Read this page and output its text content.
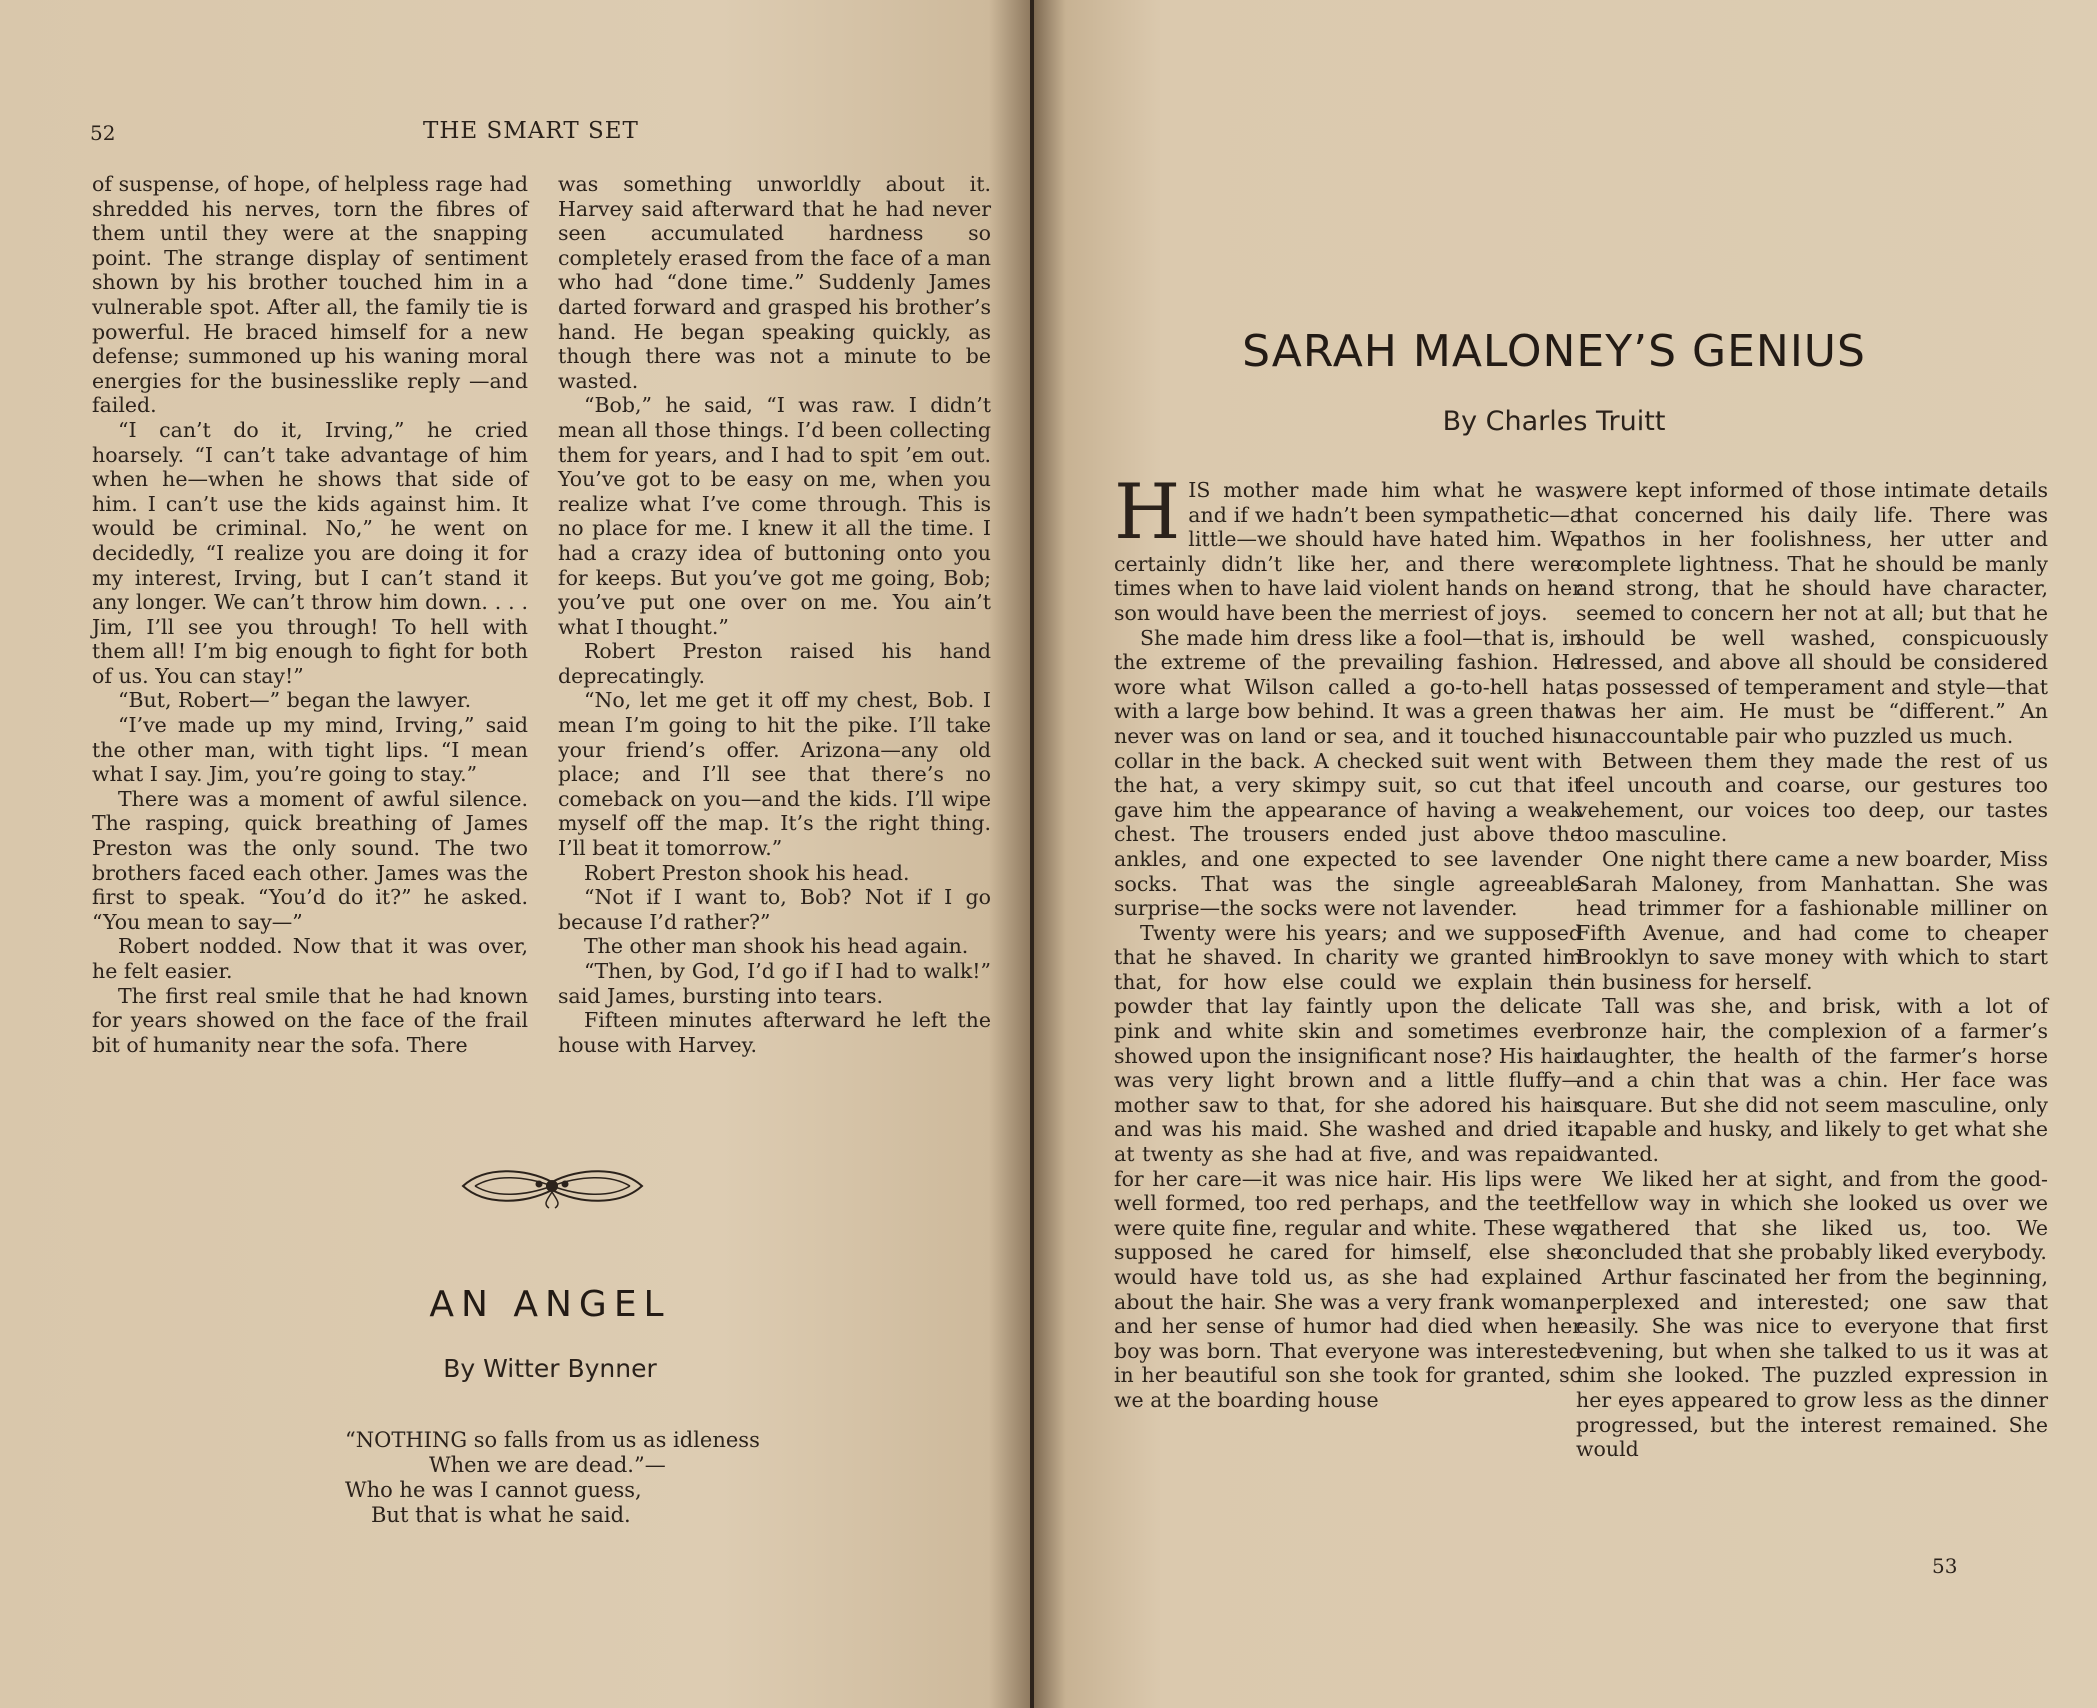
52	THE SMART SET

of suspense, of hope, of helpless rage had shredded his nerves, torn the fibres of them until they were at the snapping point. The strange display of sentiment shown by his brother touched him in a vulnerable spot. After all, the family tie is powerful. He braced himself for a new defense; summoned up his waning moral energies for the businesslike reply —and failed.

“I can’t do it, Irving,” he cried hoarsely. “I can’t take advantage of him when he—when he shows that side of him. I can’t use the kids against him. It would be criminal. No,” he went on decidedly, “I realize you are doing it for my interest, Irving, but I can’t stand it any longer. We can’t throw him down. . . . Jim, I’ll see you through! To hell with them all! I’m big enough to fight for both of us. You can stay!”

“But, Robert—” began the lawyer.

“I’ve made up my mind, Irving,” said the other man, with tight lips. “I mean what I say. Jim, you’re going to stay.”

There was a moment of awful silence. The rasping, quick breathing of James Preston was the only sound. The two brothers faced each other. James was the first to speak. “You’d do it?” he asked. “You mean to say—”

Robert nodded. Now that it was over, he felt easier.

The first real smile that he had known for years showed on the face of the frail bit of humanity near the sofa. There

was something unworldly about it. Harvey said afterward that he had never seen accumulated hardness so completely erased from the face of a man who had “done time.” Suddenly James darted forward and grasped his brother’s hand. He began speaking quickly, as though there was not a minute to be wasted.

“Bob,” he said, “I was raw. I didn’t mean all those things. I’d been collecting them for years, and I had to spit ’em out. You’ve got to be easy on me, when you realize what I’ve come through. This is no place for me. I knew it all the time. I had a crazy idea of buttoning onto you for keeps. But you’ve got me going, Bob; you’ve put one over on me. You ain’t what I thought.”

Robert Preston raised his hand deprecatingly.

“No, let me get it off my chest, Bob. I mean I’m going to hit the pike. I’ll take your friend’s offer. Arizona—any old place; and I’ll see that there’s no comeback on you—and the kids. I’ll wipe myself off the map. It’s the right thing. I’ll beat it tomorrow.”

Robert Preston shook his head.

“Not if I want to, Bob? Not if I go because I’d rather?”

The other man shook his head again.

“Then, by God, I’d go if I had to walk!” said James, bursting into tears.

Fifteen minutes afterward he left the house with Harvey.

AN ANGEL
By Witter Bynner
“NOTHING so falls from us as idleness
When we are dead.”—
Who he was I cannot guess,
But that is what he said.
SARAH MALONEY’S GENIUS
By Charles Truitt

HIS mother made him what he was, and if we hadn’t been sympathetic—a little—we should have hated him. We certainly didn’t like her, and there were times when to have laid violent hands on her son would have been the merriest of joys.

She made him dress like a fool—that is, in the extreme of the prevailing fashion. He wore what Wilson called a go-to-hell hat, with a large bow behind. It was a green that never was on land or sea, and it touched his collar in the back. A checked suit went with the hat, a very skimpy suit, so cut that it gave him the appearance of having a weak chest. The trousers ended just above the ankles, and one expected to see lavender socks. That was the single agreeable surprise—the socks were not lavender.

Twenty were his years; and we supposed that he shaved. In charity we granted him that, for how else could we explain the powder that lay faintly upon the delicate pink and white skin and sometimes even showed upon the insignificant nose? His hair was very light brown and a little fluffy—mother saw to that, for she adored his hair and was his maid. She washed and dried it at twenty as she had at five, and was repaid for her care—it was nice hair. His lips were well formed, too red perhaps, and the teeth were quite fine, regular and white. These we supposed he cared for himself, else she would have told us, as she had explained about the hair. She was a very frank woman, and her sense of humor had died when her boy was born. That everyone was interested in her beautiful son she took for granted, so we at the boarding house

were kept informed of those intimate details that concerned his daily life. There was pathos in her foolishness, her utter and complete lightness. That he should be manly and strong, that he should have character, seemed to concern her not at all; but that he should be well washed, conspicuously dressed, and above all should be considered as possessed of temperament and style—that was her aim. He must be “different.” An unaccountable pair who puzzled us much.

Between them they made the rest of us feel uncouth and coarse, our gestures too vehement, our voices too deep, our tastes too masculine.

One night there came a new boarder, Miss Sarah Maloney, from Manhattan. She was head trimmer for a fashionable milliner on Fifth Avenue, and had come to cheaper Brooklyn to save money with which to start in business for herself.

Tall was she, and brisk, with a lot of bronze hair, the complexion of a farmer’s daughter, the health of the farmer’s horse and a chin that was a chin. Her face was square. But she did not seem masculine, only capable and husky, and likely to get what she wanted.

We liked her at sight, and from the good-fellow way in which she looked us over we gathered that she liked us, too. We concluded that she probably liked everybody.

Arthur fascinated her from the beginning, perplexed and interested; one saw that easily. She was nice to everyone that first evening, but when she talked to us it was at him she looked. The puzzled expression in her eyes appeared to grow less as the dinner progressed, but the interest remained. She would

53
